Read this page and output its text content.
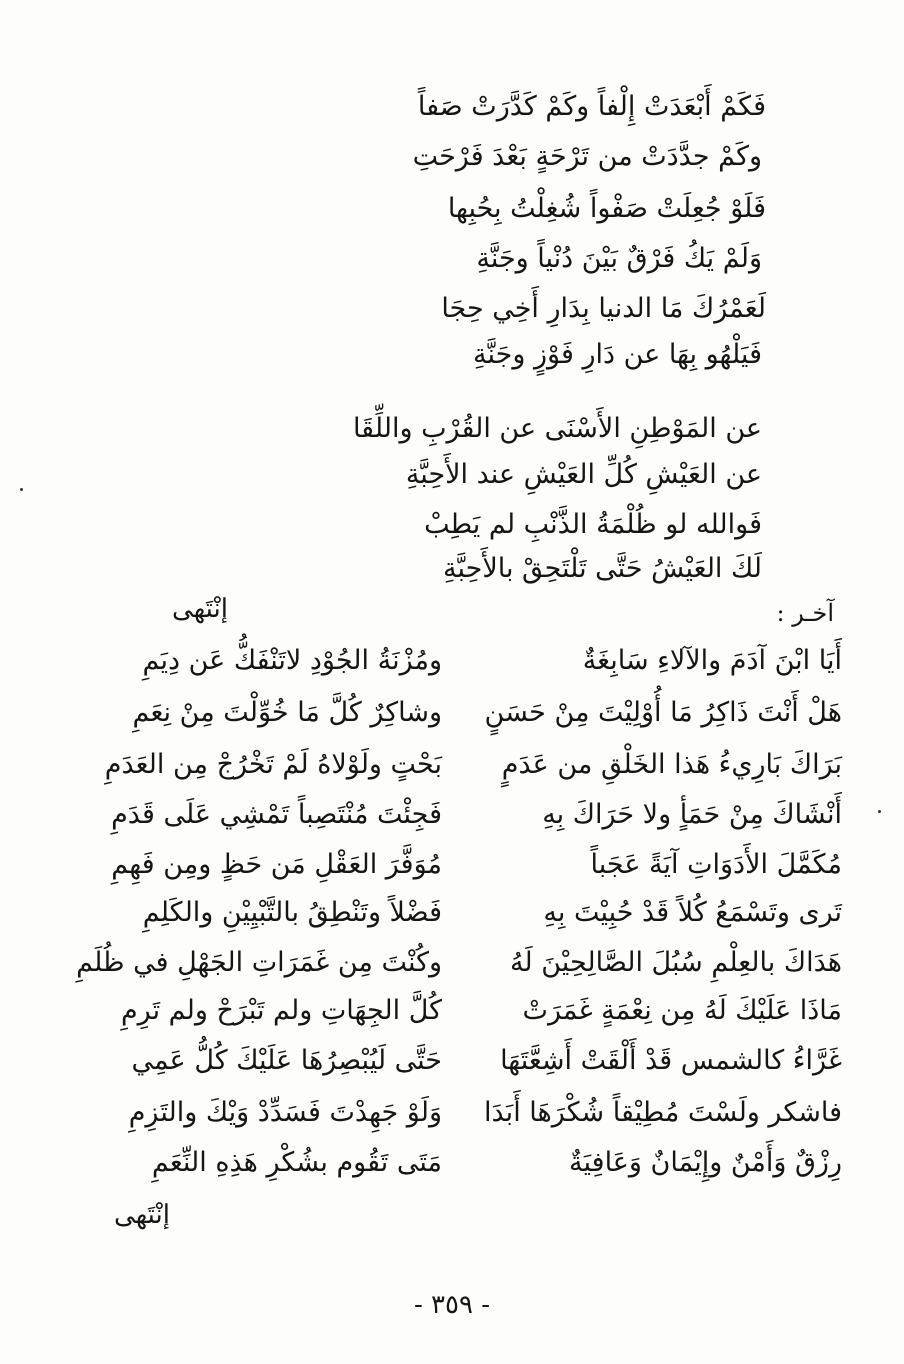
فَكَمْ أَبْعَدَتْ إِلْفاً وكَمْ كَدَّرَتْ صَفاً
وكَمْ جدَّدَتْ من تَرْحَةٍ بَعْدَ فَرْحَتِ
فَلَوْ جُعِلَتْ صَفْواً شُغِلْتُ بِحُبِها
وَلَمْ يَكُ فَرْقٌ بَيْنَ دُنْياً وجَنَّةِ
لَعَمْرُكَ مَا الدنيا بِدَارِ أَخِي حِجَا
فَيَلْهُو بِهَا عن دَارِ فَوْزٍ وجَنَّةِ
عن المَوْطِنِ الأَسْنَى عن القُرْبِ واللِّقَا
عن العَيْشِ كُلِّ العَيْشِ عند الأَحِبَّةِ
فَوالله لو ظُلْمَةُ الذَّنْبِ لم يَطِبْ
لَكَ العَيْشُ حَتَّى تَلْتَحِقْ بالأَحِبَّةِ
إنْتَهى	آخـر :
أَيَا ابْنَ آدَمَ والآلاءِ سَابِغَةٌ
هَلْ أَنْتَ ذَاكِرُ مَا أُوْلِيْتَ مِنْ حَسَنٍ
بَرَاكَ بَارِيءُ هَذا الخَلْقِ من عَدَمٍ
أَنْشَاكَ مِنْ حَمَأٍ ولا حَرَاكَ بِهِ
مُكَمَّلَ الأَدَوَاتِ آيَةً عَجَباً
تَرى وتَسْمَعُ كُلاً قَدْ حُبِيْتَ بِهِ
هَدَاكَ بالعِلْمِ سُبُلَ الصَّالِحِيْنَ لَهُ
مَاذَا عَلَيْكَ لَهُ مِن نِعْمَةٍ غَمَرَتْ
غَرَّاءُ كالشمس قَدْ أَلْقَتْ أَشِعَّتَهَا
فاشكر ولَسْتَ مُطِيْقاً شُكْرَهَا أَبَدَا
رِزْقٌ وَأَمْنٌ وإِيْمَانٌ وَعَافِيَةٌ
ومُزْنَةُ الجُوْدِ لاتَنْفَكُّ عَن دِيَمِ
وشاكِرٌ كُلَّ مَا خُوِّلْتَ مِنْ نِعَمِ
بَحْتٍ ولَوْلاهُ لَمْ تَخْرُجْ مِن العَدَمِ
فَجِئْتَ مُنْتَصِباً تَمْشِي عَلَى قَدَمِ
مُوَفَّرَ العَقْلِ مَن حَظٍ ومِن فَهِمِ
فَضْلاً وتَنْطِقُ بالتَّبْيِيْنِ والكَلِمِ
وكُنْتَ مِن غَمَرَاتِ الجَهْلِ في ظُلَمِ
كُلَّ الجِهَاتِ ولم تَبْرَحْ ولم تَرِمِ
حَتَّى لَيُبْصِرُهَا عَلَيْكَ كُلُّ عَمِي
وَلَوْ جَهِدْتَ فَسَدِّدْ وَيْكَ والتَزِمِ
مَتَى تَقُوم بشُكْرِ هَذِهِ النِّعَمِ
إنْتَهى
- ٣٥٩ -
